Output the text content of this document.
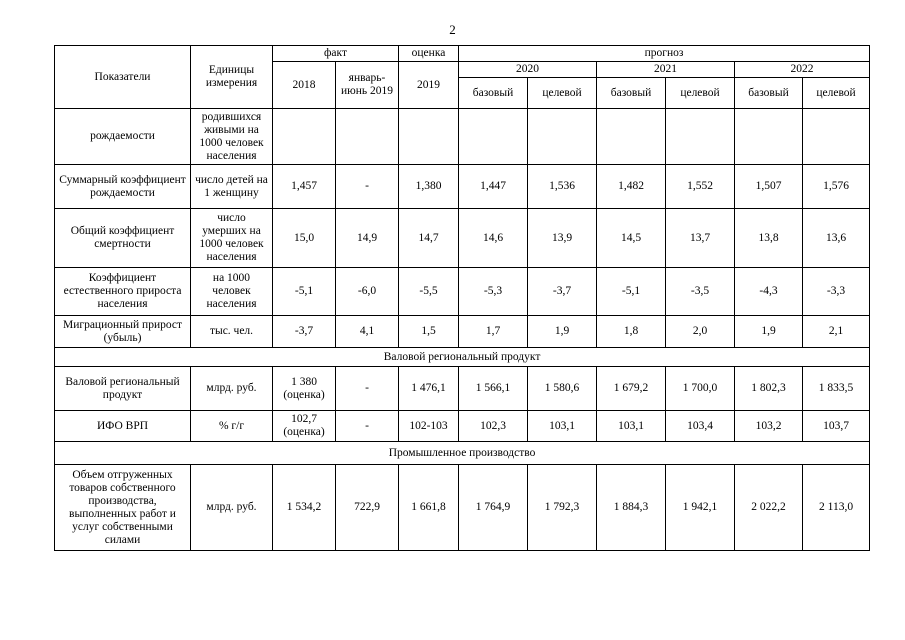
2
Показатели	Единицы измерения	факт		оценка	прогноз					
		2018	январь-июнь 2019	2019	2020		2021		2022	
					базовый	целевой	базовый	целевой	базовый	целевой
рождаемости	родившихся живыми на 1000 человек населения									
Суммарный коэффициент рождаемости	число детей на 1 женщину	1,457	-	1,380	1,447	1,536	1,482	1,552	1,507	1,576
Общий коэффициент смертности	число умерших на 1000 человек населения	15,0	14,9	14,7	14,6	13,9	14,5	13,7	13,8	13,6
Коэффициент естественного прироста населения	на 1000 человек населения	-5,1	-6,0	-5,5	-5,3	-3,7	-5,1	-3,5	-4,3	-3,3
Миграционный прирост (убыль)	тыс. чел.	-3,7	4,1	1,5	1,7	1,9	1,8	2,0	1,9	2,1
Валовой региональный продукт										
Валовой региональный продукт	млрд. руб.	1 380 (оценка)	-	1 476,1	1 566,1	1 580,6	1 679,2	1 700,0	1 802,3	1 833,5
ИФО ВРП	% г/г	102,7 (оценка)	-	102-103	102,3	103,1	103,1	103,4	103,2	103,7
Промышленное производство										
Объем отгруженных товаров собственного производства, выполненных работ и услуг собственными силами	млрд. руб.	1 534,2	722,9	1 661,8	1 764,9	1 792,3	1 884,3	1 942,1	2 022,2	2 113,0
